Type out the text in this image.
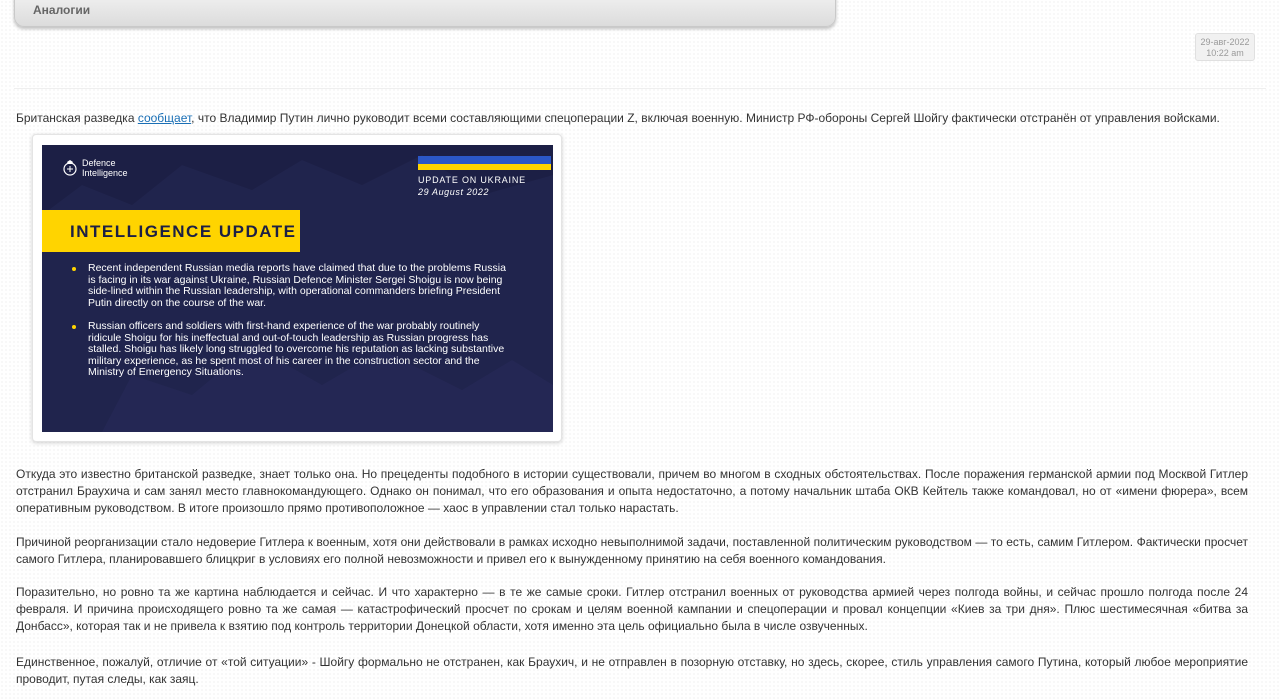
Аналогии
29-авг-2022
10:22 am

Британская разведка сообщает, что Владимир Путин лично руководит всеми составляющими спецоперации Z, включая военную. Министр РФ-обороны Сергей Шойгу фактически отстранён от управления войсками.

Defence
Intelligence
UPDATE ON UKRAINE
29 August 2022
INTELLIGENCE UPDATE
Recent independent Russian media reports have claimed that due to the problems Russia is facing in its war against Ukraine, Russian Defence Minister Sergei Shoigu is now being side-lined within the Russian leadership, with operational commanders briefing President Putin directly on the course of the war.
Russian officers and soldiers with first-hand experience of the war probably routinely ridicule Shoigu for his ineffectual and out-of-touch leadership as Russian progress has stalled. Shoigu has likely long struggled to overcome his reputation as lacking substantive military experience, as he spent most of his career in the construction sector and the Ministry of Emergency Situations.

Откуда это известно британской разведке, знает только она. Но прецеденты подобного в истории существовали, причем во многом в сходных обстоятельствах. После поражения германской армии под Москвой Гитлер отстранил Браухича и сам занял место главнокомандующего. Однако он понимал, что его образования и опыта недостаточно, а потому начальник штаба ОКВ Кейтель также командовал, но от «имени фюрера», всем оперативным руководством. В итоге произошло прямо противоположное — хаос в управлении стал только нарастать.

Причиной реорганизации стало недоверие Гитлера к военным, хотя они действовали в рамках исходно невыполнимой задачи, поставленной политическим руководством — то есть, самим Гитлером. Фактически просчет самого Гитлера, планировавшего блицкриг в условиях его полной невозможности и привел его к вынужденному принятию на себя военного командования.

Поразительно, но ровно та же картина наблюдается и сейчас. И что характерно — в те же самые сроки. Гитлер отстранил военных от руководства армией через полгода войны, и сейчас прошло полгода после 24 февраля. И причина происходящего ровно та же самая — катастрофический просчет по срокам и целям военной кампании и спецоперации и провал концепции «Киев за три дня». Плюс шестимесячная «битва за Донбасс», которая так и не привела к взятию под контроль территории Донецкой области, хотя именно эта цель официально была в числе озвученных.

Единственное, пожалуй, отличие от «той ситуации» - Шойгу формально не отстранен, как Браухич, и не отправлен в позорную отставку, но здесь, скорее, стиль управления самого Путина, который любое мероприятие проводит, путая следы, как заяц.
